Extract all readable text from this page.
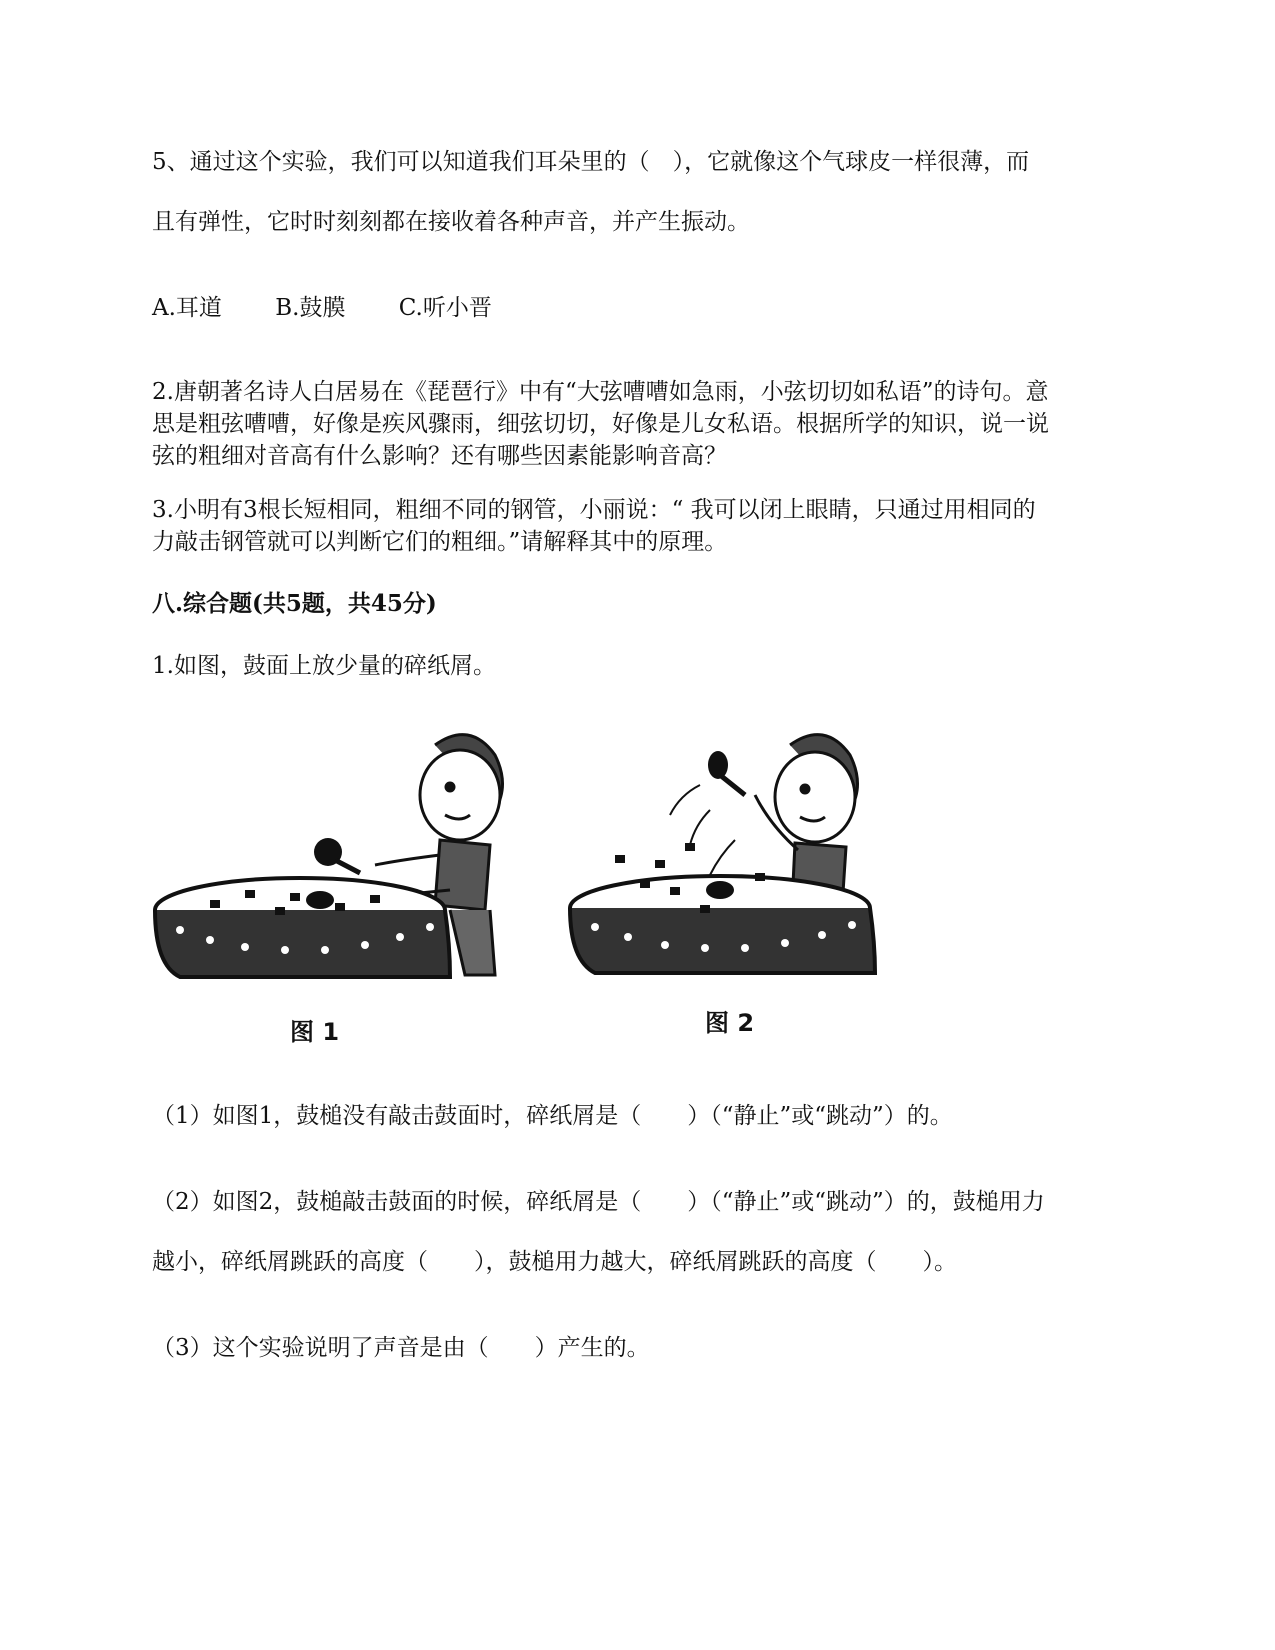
5、通过这个实验，我们可以知道我们耳朵里的（　），它就像这个气球皮一样很薄，而
且有弹性，它时时刻刻都在接收着各种声音，并产生振动。
A.耳道 B.鼓膜 C.听小晋
2.唐朝著名诗人白居易在《琵琶行》中有“大弦嘈嘈如急雨，小弦切切如私语”的诗句。意
思是粗弦嘈嘈，好像是疾风骤雨，细弦切切，好像是儿女私语。根据所学的知识，说一说
弦的粗细对音高有什么影响？还有哪些因素能影响音高？
3.小明有3根长短相同，粗细不同的钢管，小丽说：“ 我可以闭上眼睛，只通过用相同的
力敲击钢管就可以判断它们的粗细。”请解释其中的原理。
八.综合题(共5题，共45分)
1.如图，鼓面上放少量的碎纸屑。
图 1	图 2
（1）如图1，鼓槌没有敲击鼓面时，碎纸屑是（　　）（“静止”或“跳动”）的。
（2）如图2，鼓槌敲击鼓面的时候，碎纸屑是（　　）（“静止”或“跳动”）的，鼓槌用力
越小，碎纸屑跳跃的高度（　　），鼓槌用力越大，碎纸屑跳跃的高度（　　）。
（3）这个实验说明了声音是由（　　）产生的。
